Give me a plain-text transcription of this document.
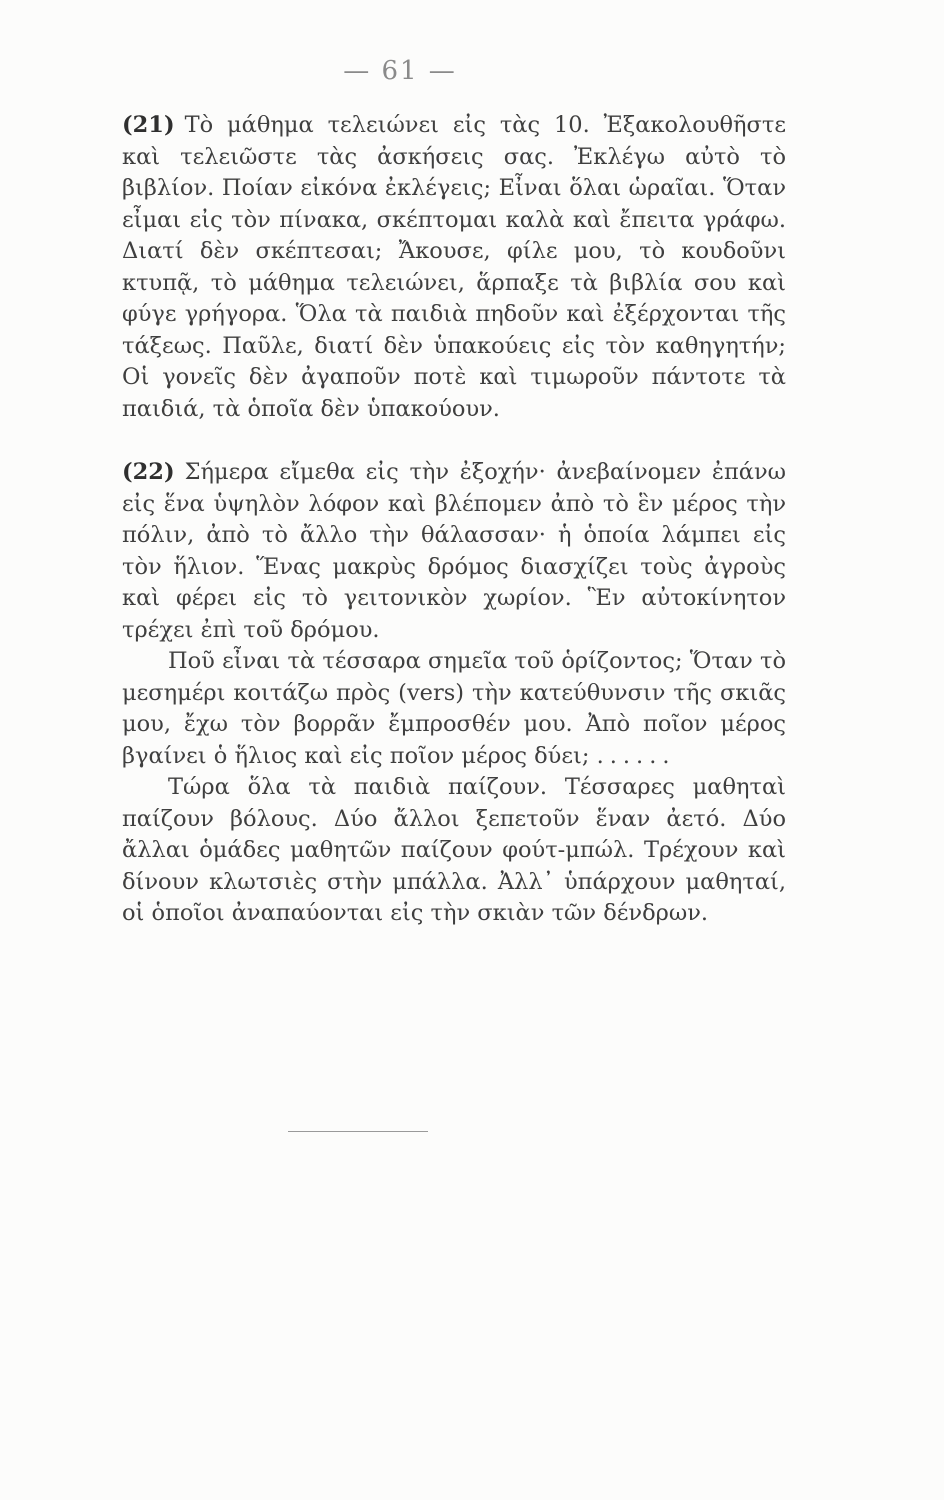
— 61 —

(21) Τὸ μάθημα τελειώνει εἰς τὰς 10. Ἐξακολουθῆστε καὶ τελειῶστε τὰς ἀσκήσεις σας. Ἐκλέγω αὐτὸ τὸ βιβλίον. Ποίαν εἰκόνα ἐκλέγεις; Εἶναι ὅλαι ὡραῖαι. Ὅταν εἶμαι εἰς τὸν πίνακα, σκέπτομαι καλὰ καὶ ἔπειτα γράφω. Διατί δὲν σκέπτεσαι; Ἄκουσε, φίλε μου, τὸ κουδοῦνι κτυπᾷ, τὸ μάθημα τελειώνει, ἅρπαξε τὰ βιβλία σου καὶ φύγε γρήγορα. Ὅλα τὰ παιδιὰ πηδοῦν καὶ ἐξέρχονται τῆς τάξεως. Παῦλε, διατί δὲν ὑπακούεις εἰς τὸν καθηγητήν; Οἱ γονεῖς δὲν ἀγαποῦν ποτὲ καὶ τιμωροῦν πάντοτε τὰ παιδιά, τὰ ὁποῖα δὲν ὑπακούουν.

(22) Σήμερα εἴμεθα εἰς τὴν ἐξοχήν· ἀνεβαίνομεν ἐπάνω εἰς ἕνα ὑψηλὸν λόφον καὶ βλέπομεν ἀπὸ τὸ ἓν μέρος τὴν πόλιν, ἀπὸ τὸ ἄλλο τὴν θάλασσαν· ἡ ὁποία λάμπει εἰς τὸν ἥλιον. Ἕνας μακρὺς δρόμος διασχίζει τοὺς ἀγροὺς καὶ φέρει εἰς τὸ γειτονικὸν χωρίον. Ἓν αὐτοκίνητον τρέχει ἐπὶ τοῦ δρόμου.

Ποῦ εἶναι τὰ τέσσαρα σημεῖα τοῦ ὁρίζοντος; Ὅταν τὸ μεσημέρι κοιτάζω πρὸς (vers) τὴν κατεύθυνσιν τῆς σκιᾶς μου, ἔχω τὸν βορρᾶν ἔμπροσθέν μου. Ἀπὸ ποῖον μέρος βγαίνει ὁ ἥλιος καὶ εἰς ποῖον μέρος δύει; ......

Τώρα ὅλα τὰ παιδιὰ παίζουν. Τέσσαρες μαθηταὶ παίζουν βόλους. Δύο ἄλλοι ξεπετοῦν ἕναν ἀετό. Δύο ἄλλαι ὁμάδες μαθητῶν παίζουν φούτ-μπώλ. Τρέχουν καὶ δίνουν κλωτσιὲς στὴν μπάλλα. Ἀλλ᾽ ὑπάρχουν μαθηταί, οἱ ὁποῖοι ἀναπαύονται εἰς τὴν σκιὰν τῶν δένδρων.
